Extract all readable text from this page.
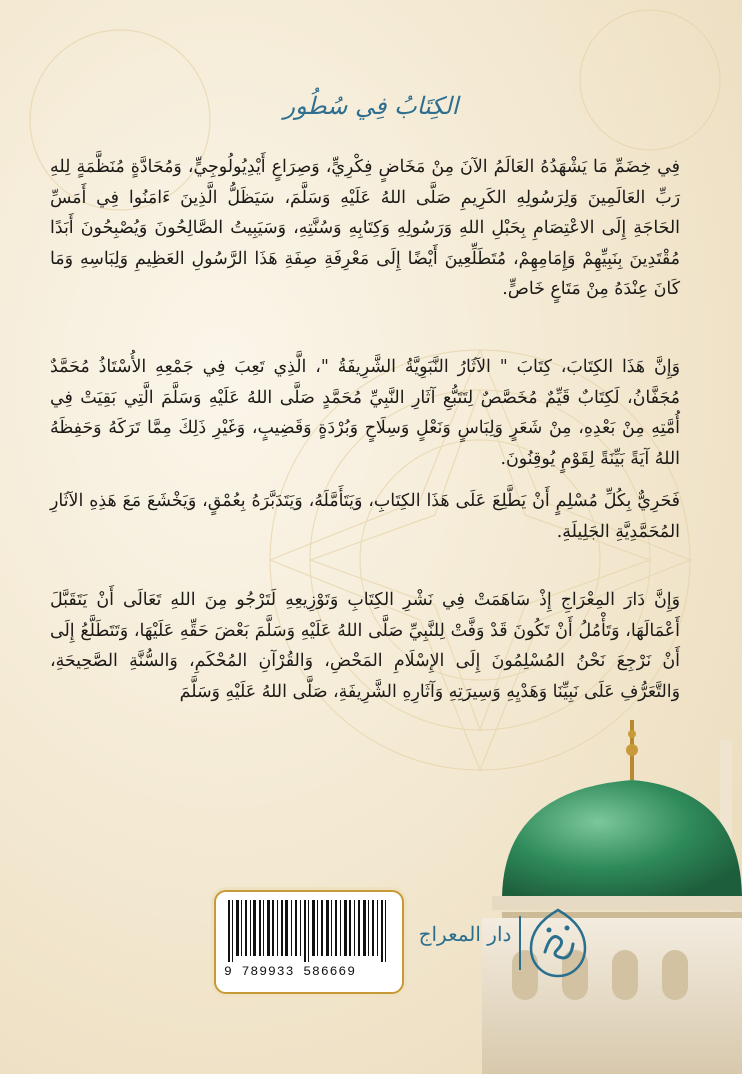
الكِتَابُ فِي سُطُور

فِي خِضَمِّ مَا يَشْهَدُهُ العَالَمُ الآنَ مِنْ مَخَاضٍ فِكْرِيٍّ، وَصِرَاعٍ أَيْدِيُولُوجِيٍّ، وَمُحَادَّةٍ مُنَظَّمَةٍ لِلهِ رَبِّ العَالَمِينَ وَلِرَسُولِهِ الكَرِيمِ صَلَّى اللهُ عَلَيْهِ وَسَلَّمَ، سَيَظَلُّ الَّذِينَ ءَامَنُوا فِي أَمَسِّ الحَاجَةِ إِلَى الاعْتِصَامِ بِحَبْلِ اللهِ وَرَسُولِهِ وَكِتَابِهِ وَسُنَّتِهِ، وَسَيَبِيتُ الصَّالِحُونَ وَيُصْبِحُونَ أَبَدًا مُقْتَدِينَ بِنَبِيِّهِمْ وَإِمَامِهِمْ، مُتَطَلِّعِينَ أَيْضًا إِلَى مَعْرِفَةِ صِفَةِ هَذَا الرَّسُولِ العَظِيمِ وَلِبَاسِهِ وَمَا كَانَ عِنْدَهُ مِنْ مَتَاعٍ خَاصٍّ.

وَإِنَّ هَذَا الكِتَابَ، كِتَابَ " الآثَارُ النَّبَوِيَّةُ الشَّرِيفَةُ "، الَّذِي تَعِبَ فِي جَمْعِهِ الأُسْتَاذُ مُحَمَّدٌ مُجَفَّانُ، لَكِتَابٌ قَيِّمٌ مُخَصَّصٌ لِتَتَبُّعِ آثَارِ النَّبِيِّ مُحَمَّدٍ صَلَّى اللهُ عَلَيْهِ وَسَلَّمَ الَّتِي بَقِيَتْ فِي أُمَّتِهِ مِنْ بَعْدِهِ، مِنْ شَعَرٍ وَلِبَاسٍ وَنَعْلٍ وَسِلَاحٍ وَبُرْدَةٍ وَقَضِيبٍ، وَغَيْرِ ذَلِكَ مِمَّا تَرَكَهُ وَحَفِظَهُ اللهُ آيَةً بَيِّنَةً لِقَوْمٍ يُوقِنُونَ.

فَحَرِيٌّ بِكُلِّ مُسْلِمٍ أَنْ يَطَّلِعَ عَلَى هَذَا الكِتَابِ، وَيَتَأَمَّلَهُ، وَيَتَدَبَّرَهُ بِعُمْقٍ، وَيَخْشَعَ مَعَ هَذِهِ الآثَارِ المُحَمَّدِيَّةِ الجَلِيلَةِ.

وَإِنَّ دَارَ المِعْرَاجِ إِذْ سَاهَمَتْ فِي نَشْرِ الكِتَابِ وَتَوْزِيعِهِ لَتَرْجُو مِنَ اللهِ تَعَالَى أَنْ يَتَقَبَّلَ أَعْمَالَهَا، وَتَأْمُلُ أَنْ تَكُونَ قَدْ وَفَّتْ لِلنَّبِيِّ صَلَّى اللهُ عَلَيْهِ وَسَلَّمَ بَعْضَ حَقِّهِ عَلَيْهَا، وَتَتَطَلَّعُ إِلَى أَنْ نَرْجِعَ نَحْنُ المُسْلِمُونَ إِلَى الإِسْلَامِ المَحْضِ، وَالقُرْآنِ المُحْكَمِ، وَالسُّنَّةِ الصَّحِيحَةِ، وَالتَّعَرُّفِ عَلَى نَبِيِّنَا وَهَدْيِهِ وَسِيرَتِهِ وَآثَارِهِ الشَّرِيفَةِ، صَلَّى اللهُ عَلَيْهِ وَسَلَّمَ

9 789933 586669
دار المعراج
